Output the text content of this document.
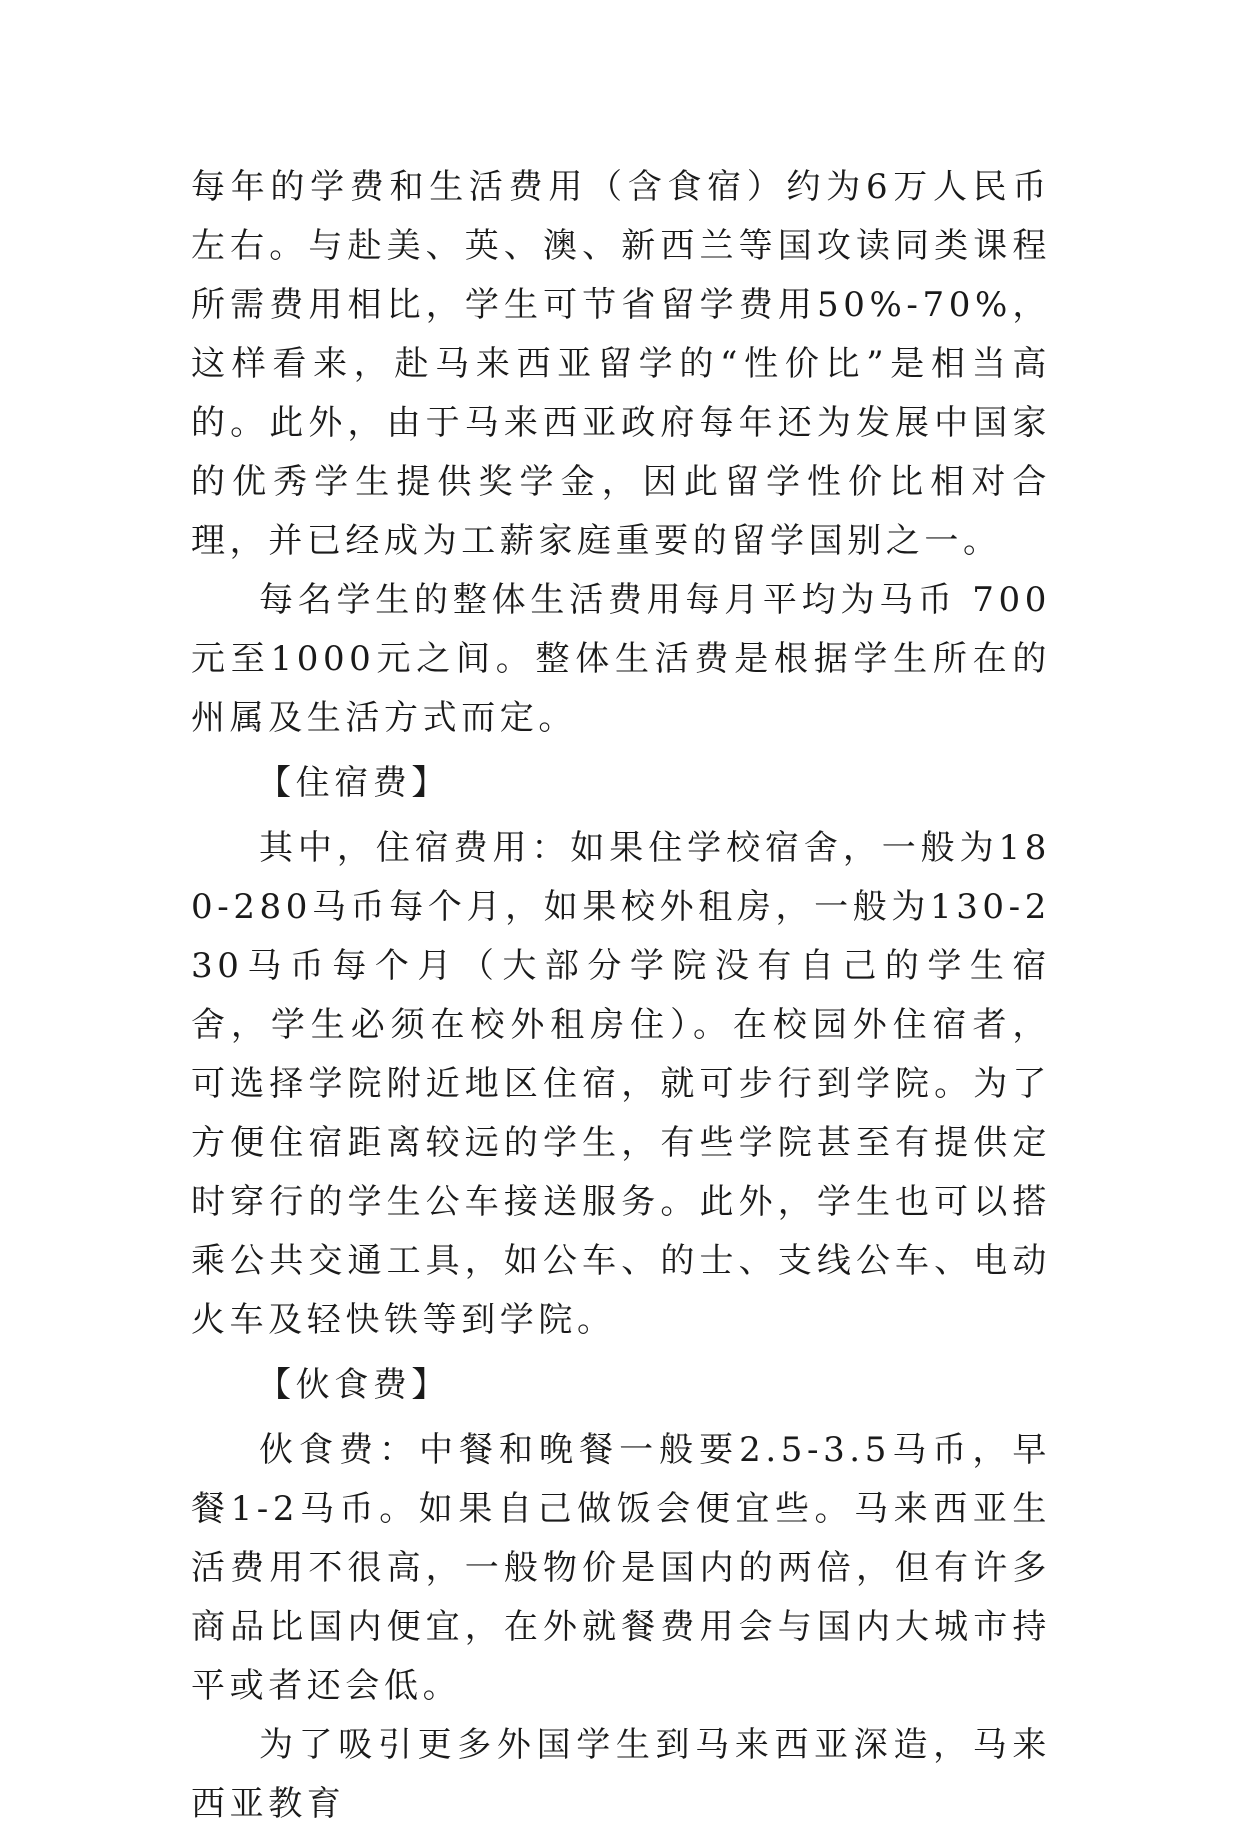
每年的学费和生活费用（含食宿）约为6万人民币左右。与赴美、英、澳、新西兰等国攻读同类课程所需费用相比，学生可节省留学费用50%-70%，这样看来，赴马来西亚留学的“性价比”是相当高的。此外，由于马来西亚政府每年还为发展中国家的优秀学生提供奖学金，因此留学性价比相对合理，并已经成为工薪家庭重要的留学国别之一。

每名学生的整体生活费用每月平均为马币 700元至1000元之间。整体生活费是根据学生所在的州属及生活方式而定。

【住宿费】

其中，住宿费用：如果住学校宿舍，一般为180-280马币每个月，如果校外租房，一般为130-230马币每个月（大部分学院没有自己的学生宿舍，学生必须在校外租房住）。在校园外住宿者，可选择学院附近地区住宿，就可步行到学院。为了方便住宿距离较远的学生，有些学院甚至有提供定时穿行的学生公车接送服务。此外，学生也可以搭乘公共交通工具，如公车、的士、支线公车、电动火车及轻快铁等到学院。

【伙食费】

伙食费：中餐和晚餐一般要2.5-3.5马币，早餐1-2马币。如果自己做饭会便宜些。马来西亚生活费用不很高，一般物价是国内的两倍，但有许多商品比国内便宜，在外就餐费用会与国内大城市持平或者还会低。

为了吸引更多外国学生到马来西亚深造，马来西亚教育
